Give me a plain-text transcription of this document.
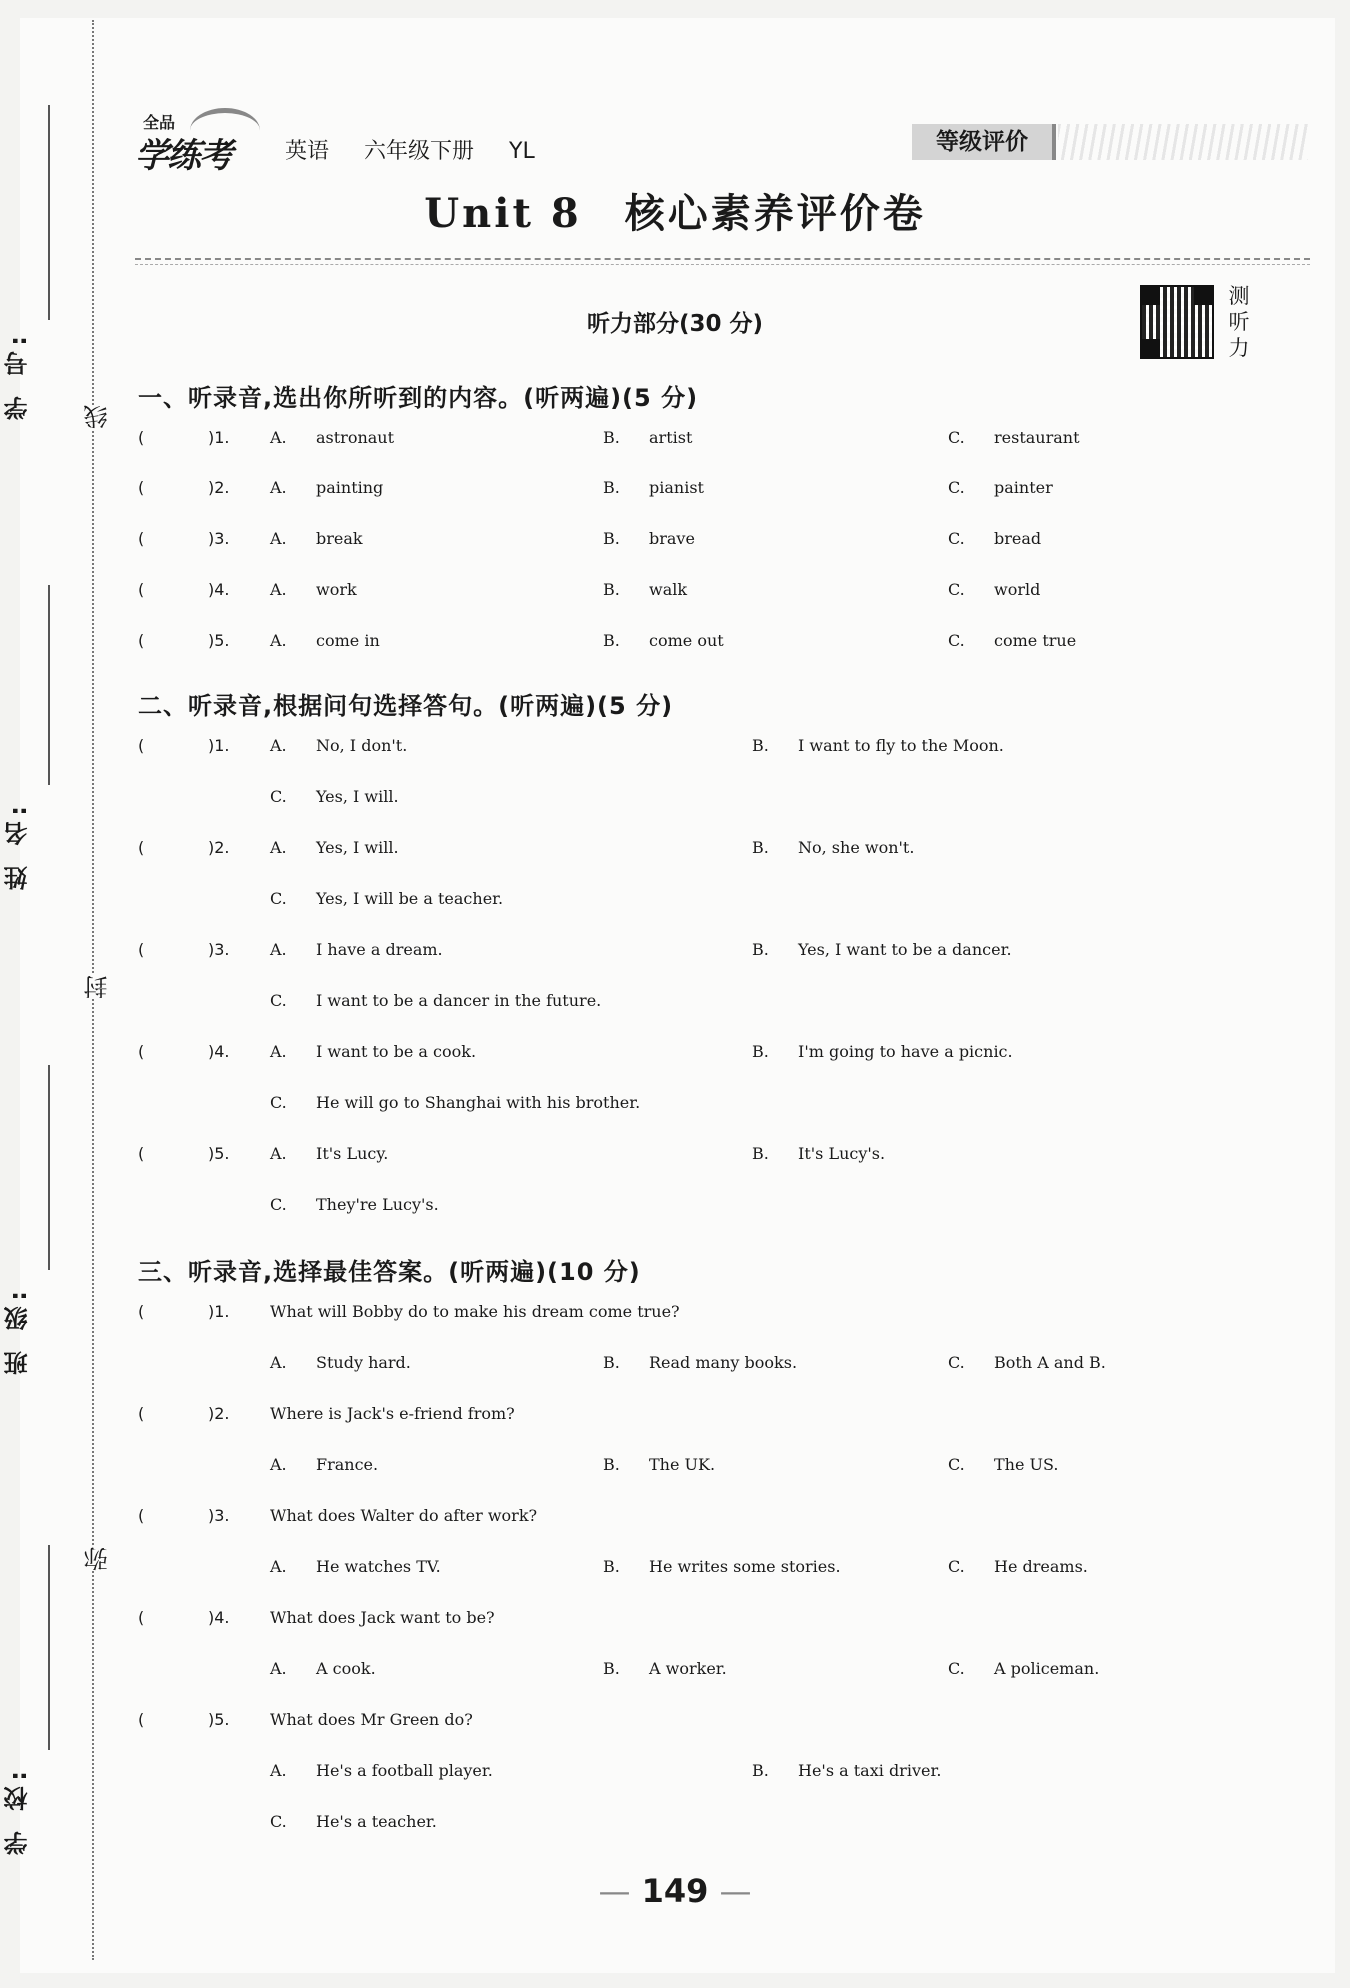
学 号:
姓 名:
班 级:
学 校:
线
封
弥
全品
学练考 英语 六年级下册 YL	等级评价
Unit 8　核心素养评价卷
听力部分(30 分)
测
听
力
一、听录音,选出你所听到的内容。(听两遍)(5 分)
(	)1.	A. astronaut	B. artist	C. restaurant
(	)2.	A. painting	B. pianist	C. painter
(	)3.	A. break	B. brave	C. bread
(	)4.	A. work	B. walk	C. world
(	)5.	A. come in	B. come out	C. come true
(	)1.	A. No, I don't.	B. I want to fly to the Moon.
C. Yes, I will.
(	)2.	A. Yes, I will.	B. No, she won't.
C. Yes, I will be a teacher.
(	)3.	A. I have a dream.	B. Yes, I want to be a dancer.
C. I want to be a dancer in the future.
(	)4.	A. I want to be a cook.	B. I'm going to have a picnic.
C. He will go to Shanghai with his brother.
(	)5.	A. It's Lucy.	B. It's Lucy's.
C. They're Lucy's.
(	)1.	What will Bobby do to make his dream come true?
A. Study hard.	B. Read many books.	C. Both A and B.
(	)2.	Where is Jack's e-friend from?
A. France.	B. The UK.	C. The US.
(	)3.	What does Walter do after work?
A. He watches TV.	B. He writes some stories.	C. He dreams.
(	)4.	What does Jack want to be?
A. A cook.	B. A worker.	C. A policeman.
(	)5.	What does Mr Green do?
A. He's a football player.	B. He's a taxi driver.
C. He's a teacher.
二、听录音,根据问句选择答句。(听两遍)(5 分)
三、听录音,选择最佳答案。(听两遍)(10 分)
— 149 —
